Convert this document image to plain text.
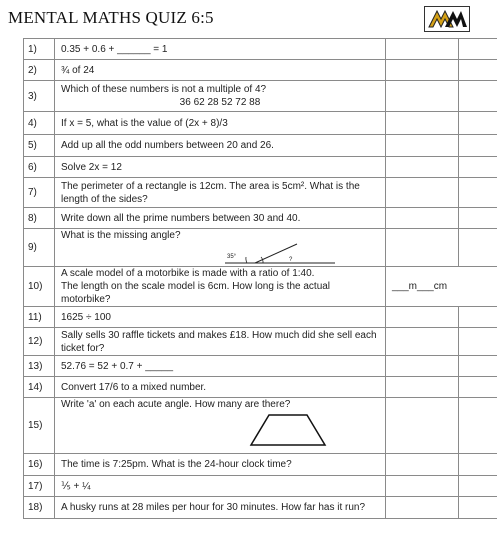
MENTAL MATHS QUIZ 6:5
1)	0.35 + 0.6 + ______ = 1		
2)	¾ of 24		
3)	Which of these numbers is not a multiple of 4?
36 62 28 52 72 88		

4)	If x = 5, what is the value of (2x + 8)/3		
5)	Add up all the odd numbers between 20 and 26.		
6)	Solve 2x = 12		
7)	The perimeter of a rectangle is 12cm. The area is 5cm². What is the length of the sides?		
8)	Write down all the prime numbers between 30 and 40.		
9)	What is the missing angle?
35° ?		

10)	A scale model of a motorbike is made with a ratio of 1:40.
The length on the scale model is 6cm. How long is the actual motorbike?	___m___cm	
11)	1625 ÷ 100		
12)	Sally sells 30 raffle tickets and makes £18. How much did she sell each ticket for?		
13)	52.76 = 52 + 0.7 + _____		
14)	Convert 17/6 to a mixed number.		
15)	Write 'a' on each acute angle. How many are there?		

16)	The time is 7:25pm. What is the 24-hour clock time?		
17)	⅕ + ¼		
18)	A husky runs at 28 miles per hour for 30 minutes. How far has it run?		
